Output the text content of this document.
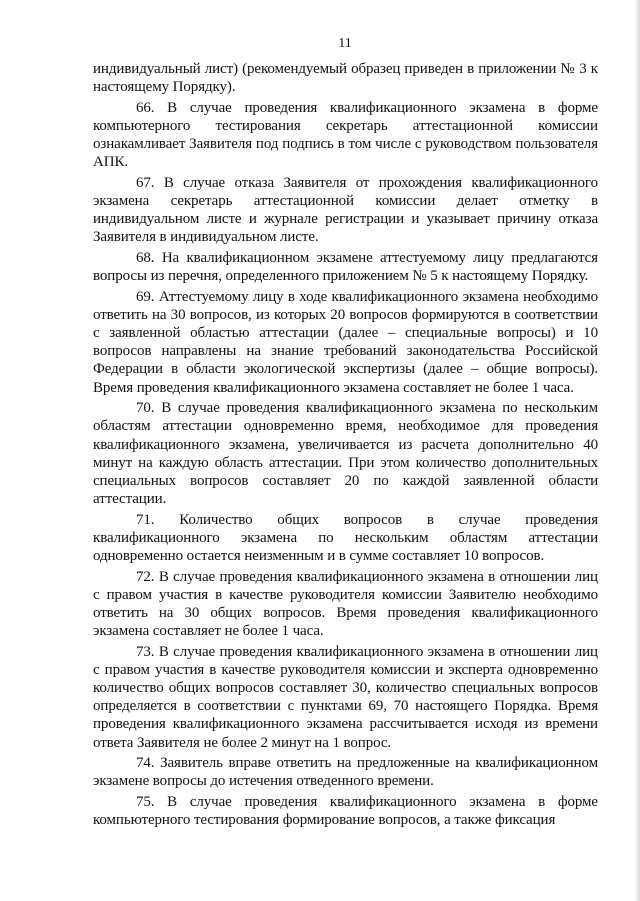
11

индивидуальный лист) (рекомендуемый образец приведен в приложении № 3 к настоящему Порядку).

66. В случае проведения квалификационного экзамена в форме компьютерного тестирования секретарь аттестационной комиссии ознакамливает Заявителя под подпись в том числе с руководством пользователя АПК.

67. В случае отказа Заявителя от прохождения квалификационного экзамена секретарь аттестационной комиссии делает отметку в индивидуальном листе и журнале регистрации и указывает причину отказа Заявителя в индивидуальном листе.

68. На квалификационном экзамене аттестуемому лицу предлагаются вопросы из перечня, определенного приложением № 5 к настоящему Порядку.

69. Аттестуемому лицу в ходе квалификационного экзамена необходимо ответить на 30 вопросов, из которых 20 вопросов формируются в соответствии с заявленной областью аттестации (далее – специальные вопросы) и 10 вопросов направлены на знание требований законодательства Российской Федерации в области экологической экспертизы (далее – общие вопросы). Время проведения квалификационного экзамена составляет не более 1 часа.

70. В случае проведения квалификационного экзамена по нескольким областям аттестации одновременно время, необходимое для проведения квалификационного экзамена, увеличивается из расчета дополнительно 40 минут на каждую область аттестации. При этом количество дополнительных специальных вопросов составляет 20 по каждой заявленной области аттестации.

71. Количество общих вопросов в случае проведения квалификационного экзамена по нескольким областям аттестации одновременно остается неизменным и в сумме составляет 10 вопросов.

72. В случае проведения квалификационного экзамена в отношении лиц с правом участия в качестве руководителя комиссии Заявителю необходимо ответить на 30 общих вопросов. Время проведения квалификационного экзамена составляет не более 1 часа.

73. В случае проведения квалификационного экзамена в отношении лиц с правом участия в качестве руководителя комиссии и эксперта одновременно количество общих вопросов составляет 30, количество специальных вопросов определяется в соответствии с пунктами 69, 70 настоящего Порядка. Время проведения квалификационного экзамена рассчитывается исходя из времени ответа Заявителя не более 2 минут на 1 вопрос.

74. Заявитель вправе ответить на предложенные на квалификационном экзамене вопросы до истечения отведенного времени.

75. В случае проведения квалификационного экзамена в форме компьютерного тестирования формирование вопросов, а также фиксация
